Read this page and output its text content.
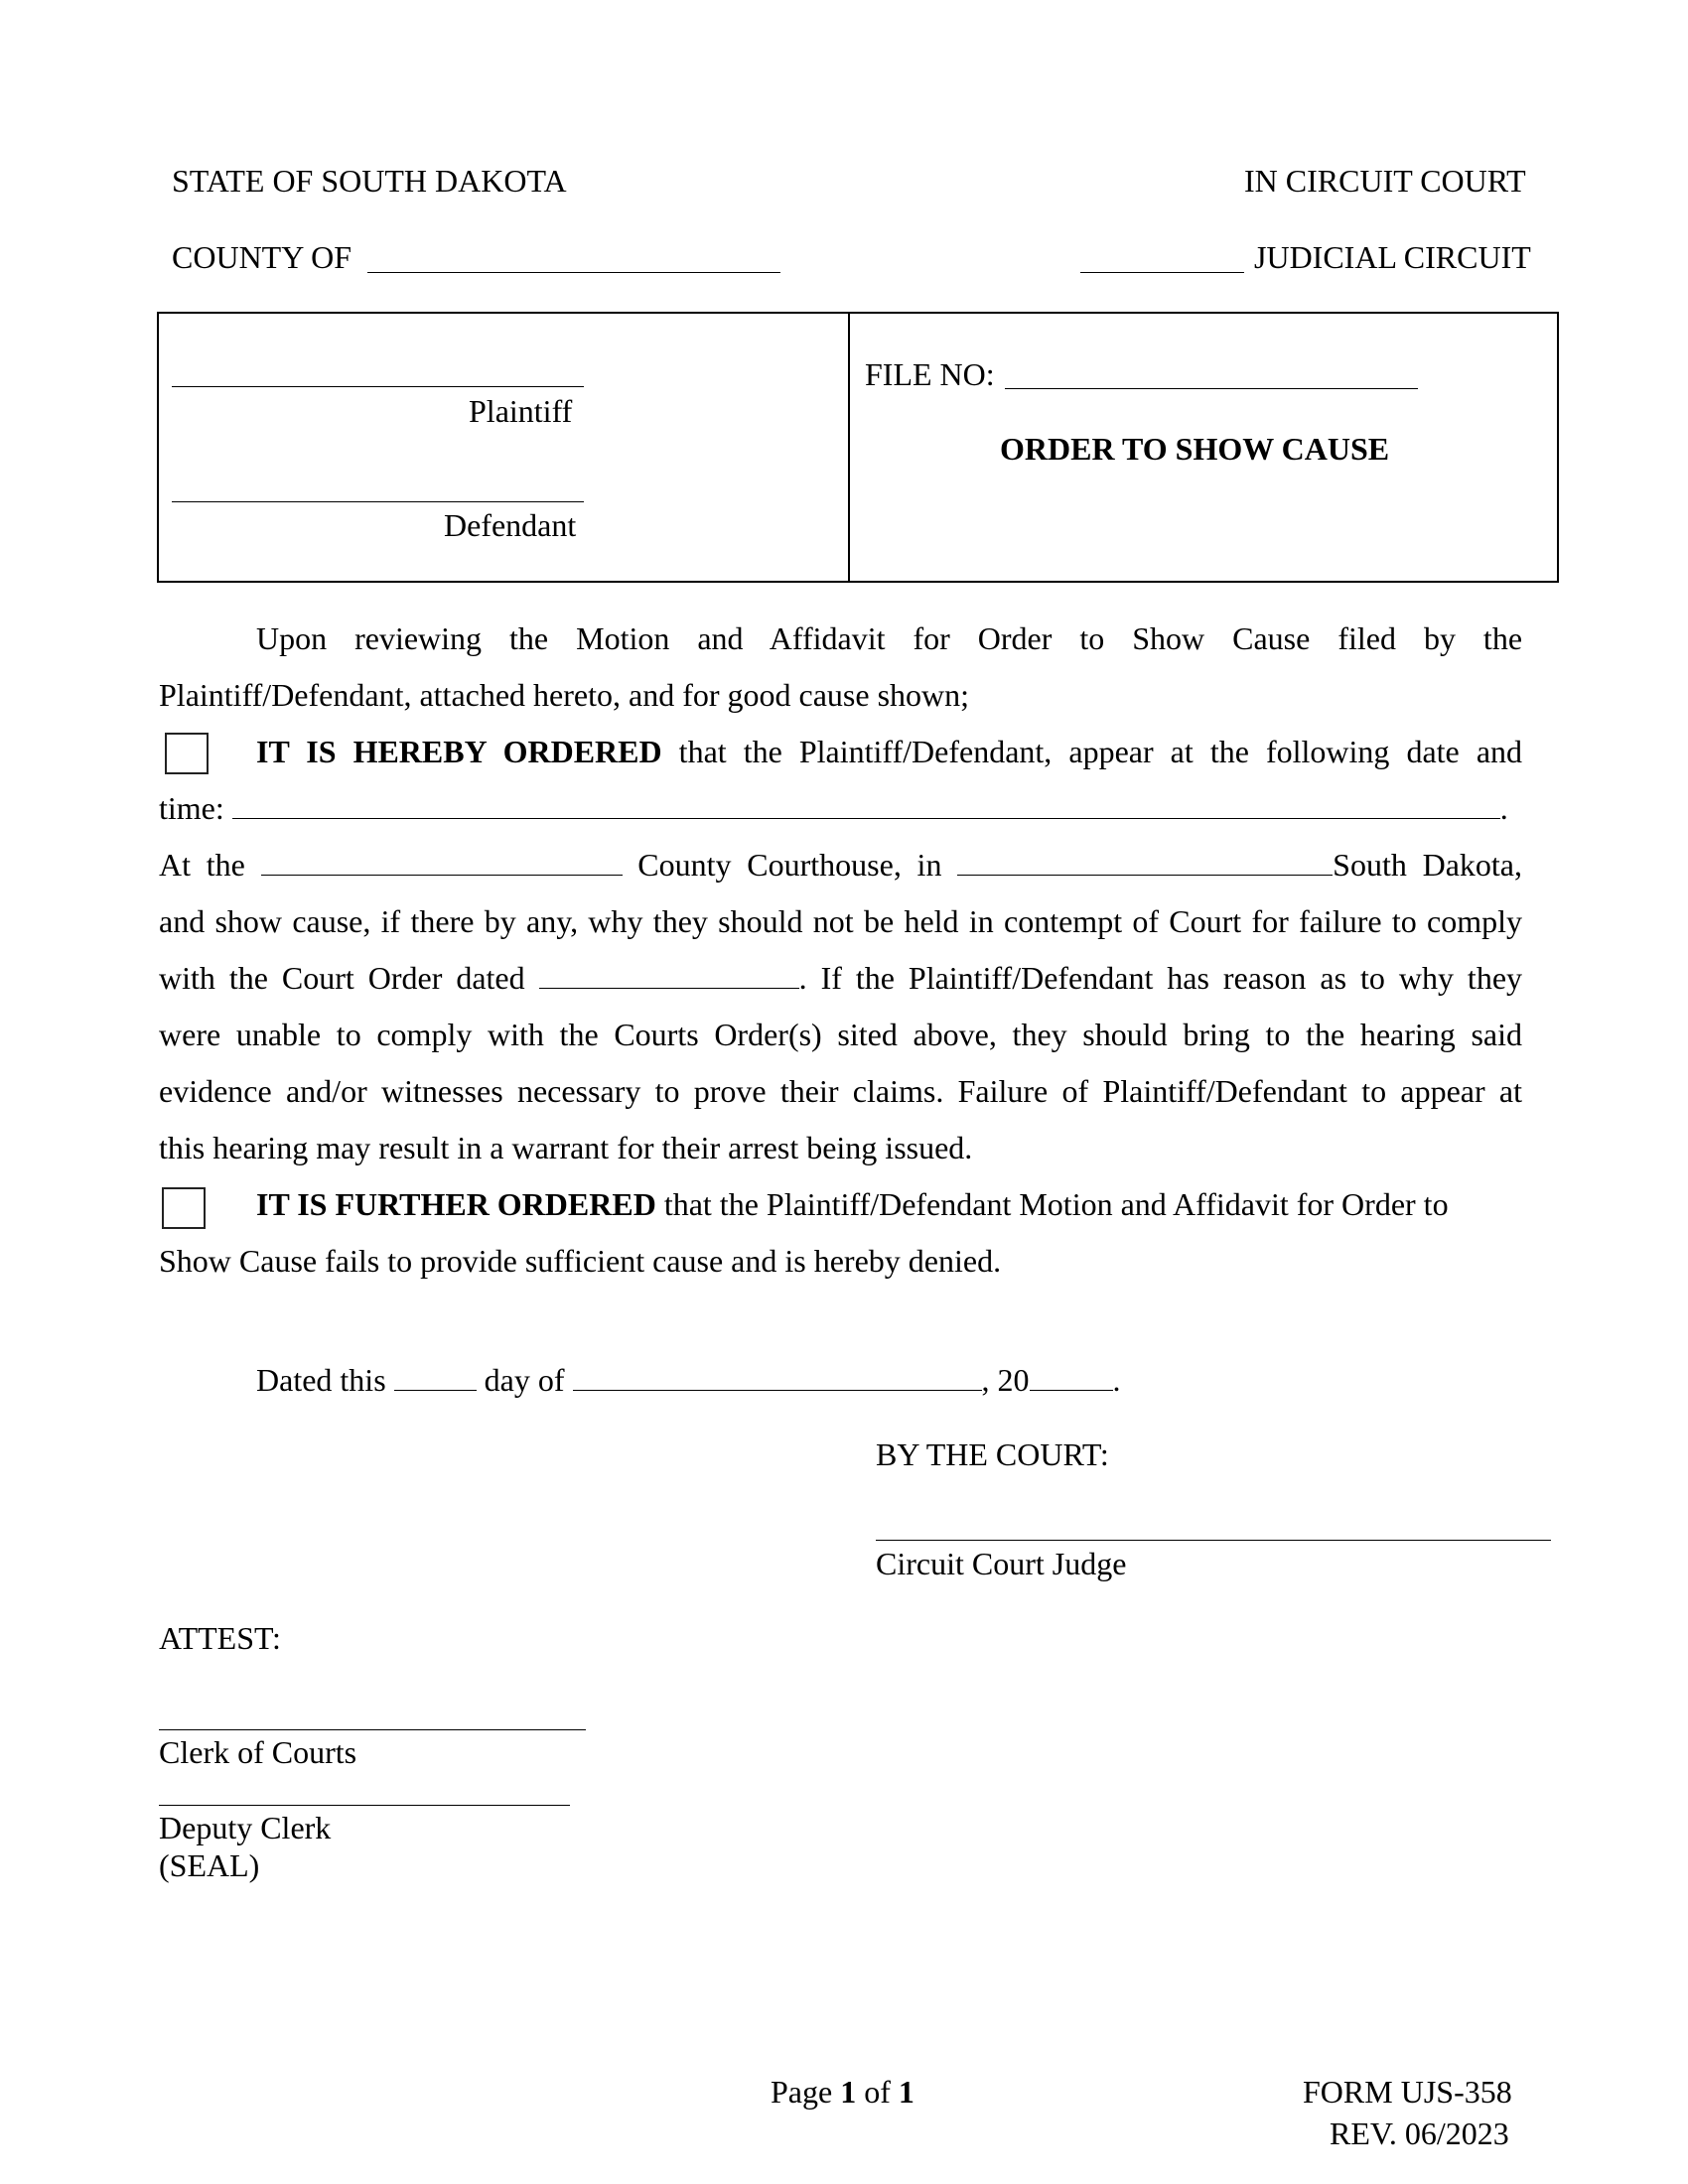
STATE OF SOUTH DAKOTA	IN CIRCUIT COURT
COUNTY OF	JUDICIAL CIRCUIT
Plaintiff
Defendant
FILE NO:
ORDER TO SHOW CAUSE
Upon reviewing the Motion and Affidavit for Order to Show Cause filed by the
Plaintiff/Defendant, attached hereto, and for good cause shown;
IT IS HEREBY ORDERED that the Plaintiff/Defendant, appear at the following date and
time:	.
At the	County Courthouse, in	South Dakota,
and show cause, if there by any, why they should not be held in contempt of Court for failure to comply
with the Court Order dated	. If the Plaintiff/Defendant has reason as to why they
were unable to comply with the Courts Order(s) sited above, they should bring to the hearing said
evidence and/or witnesses necessary to prove their claims. Failure of Plaintiff/Defendant to appear at
this hearing may result in a warrant for their arrest being issued.
IT IS FURTHER ORDERED that the Plaintiff/Defendant Motion and Affidavit for Order to
Show Cause fails to provide sufficient cause and is hereby denied.
Dated this	day of	, 20	.
BY THE COURT:
Circuit Court Judge
ATTEST:
Clerk of Courts
Deputy Clerk
(SEAL)
Page 1 of 1	FORM UJS-358
REV. 06/2023
